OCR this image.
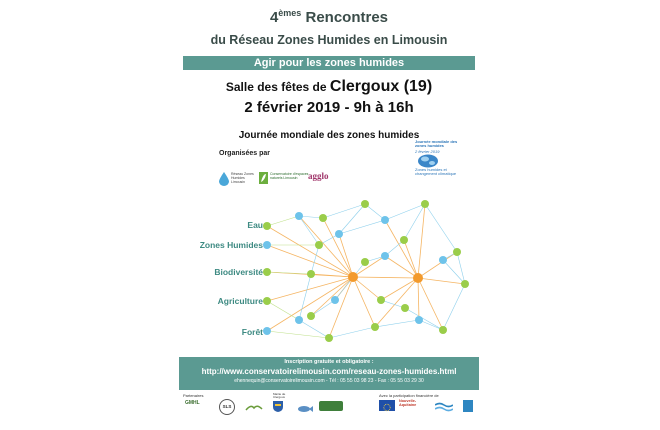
4èmes Rencontres
du Réseau Zones Humides en Limousin
Agir pour les zones humides
Salle des fêtes de Clergoux (19)
2 février 2019 - 9h à 16h
Journée mondiale des zones humides
Organisées par
Réseau Zones Humides Limousin
Conservatoire d'espaces naturels Limousin	agglo
Journée mondiale des zones humides
2 février 2019
Zones humides et changement climatique
Eau
Zones Humides
Biodiversité
Agriculture
Forêt
Inscription gratuite et obligatoire :
http://www.conservatoirelimousin.com/reseau-zones-humides.html
ehennequin@conservatoirelimousin.com - Tél : 05 55 03 98 23 - Fax : 05 55 03 29 30
Partenaires
GMHL
SLS
Mairie de Clergoux	Avec la participation financière de
Nouvelle-Aquitaine
